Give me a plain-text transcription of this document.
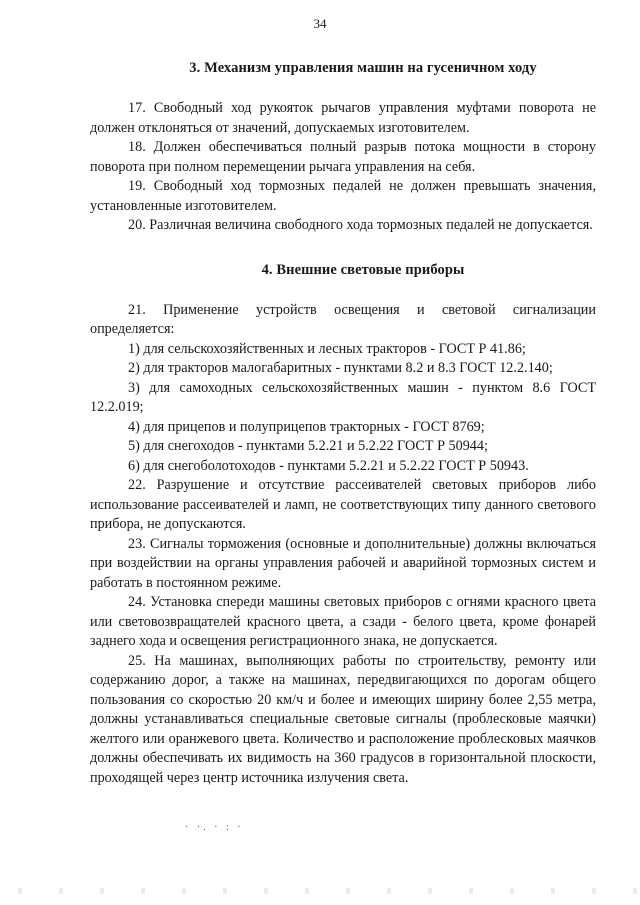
34
3. Механизм управления машин на гусеничном ходу

17. Свободный ход рукояток рычагов управления муфтами поворота не должен отклоняться от значений, допускаемых изготовителем.

18. Должен обеспечиваться полный разрыв потока мощности в сторону поворота при полном перемещении рычага управления на себя.

19. Свободный ход тормозных педалей не должен превышать значения, установленные изготовителем.

20. Различная величина свободного хода тормозных педалей не допускается.

4. Внешние световые приборы

21. Применение устройств освещения и световой сигнализации определяется:

1) для сельскохозяйственных и лесных тракторов - ГОСТ Р 41.86;

2) для тракторов малогабаритных - пунктами 8.2 и 8.3 ГОСТ 12.2.140;

3) для самоходных сельскохозяйственных машин - пунктом 8.6 ГОСТ 12.2.019;

4) для прицепов и полуприцепов тракторных - ГОСТ 8769;

5) для снегоходов - пунктами 5.2.21 и 5.2.22 ГОСТ Р 50944;

6) для снегоболотоходов - пунктами 5.2.21 и 5.2.22 ГОСТ Р 50943.

22. Разрушение и отсутствие рассеивателей световых приборов либо использование рассеивателей и ламп, не соответствующих типу данного светового прибора, не допускаются.

23. Сигналы торможения (основные и дополнительные) должны включаться при воздействии на органы управления рабочей и аварийной тормозных систем и работать в постоянном режиме.

24. Установка спереди машины световых приборов с огнями красного цвета или световозвращателей красного цвета, а сзади - белого цвета, кроме фонарей заднего хода и освещения регистрационного знака, не допускается.

25. На машинах, выполняющих работы по строительству, ремонту или содержанию дорог, а также на машинах, передвигающихся по дорогам общего пользования со скоростью 20 км/ч и более и имеющих ширину более 2,55 метра, должны устанавливаться специальные световые сигналы (проблесковые маячки) желтого или оранжевого цвета. Количество и расположение проблесковых маячков должны обеспечивать их видимость на 360 градусов в горизонтальной плоскости, проходящей через центр источника излучения света.

· ·. · : ·
